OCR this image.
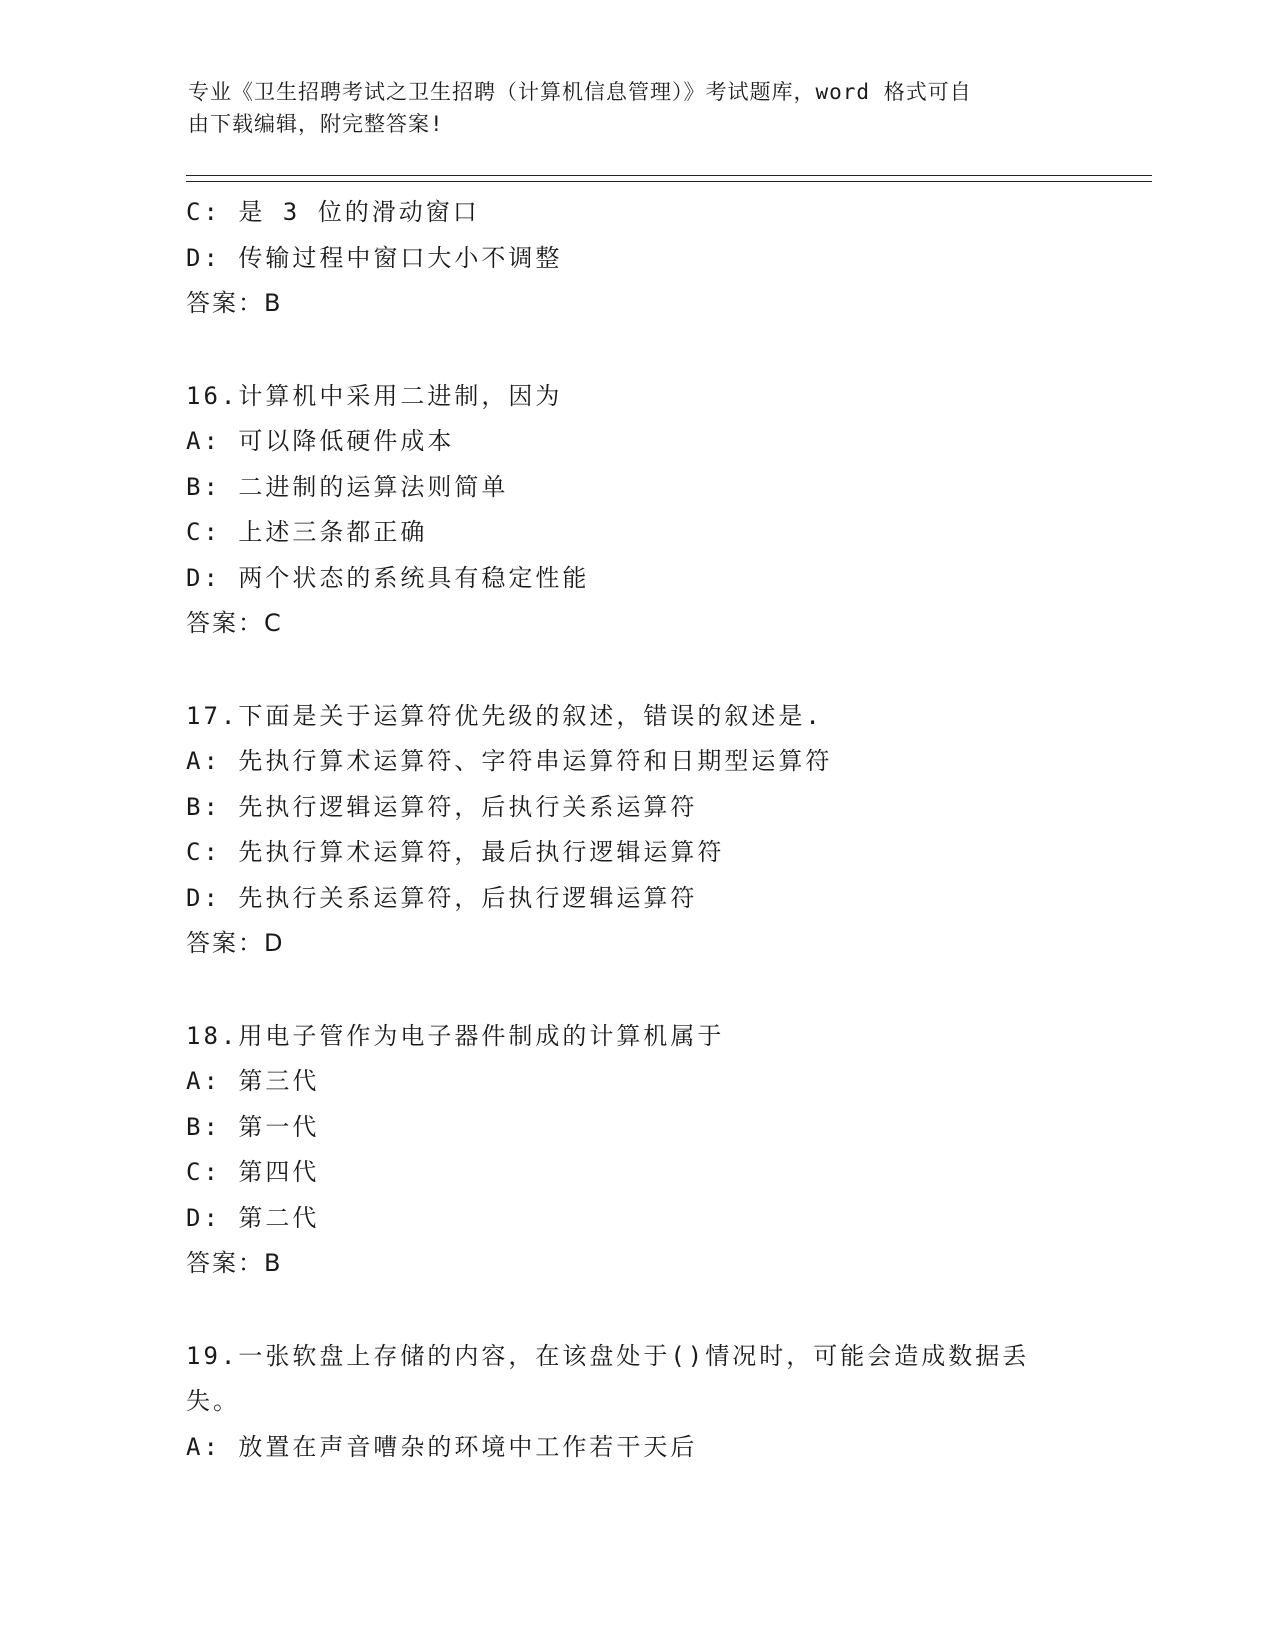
专业《卫生招聘考试之卫生招聘（计算机信息管理）》考试题库，word 格式可自
由下载编辑，附完整答案!
C: 是 3 位的滑动窗口
D: 传输过程中窗口大小不调整
答案：B
16.计算机中采用二进制，因为
A: 可以降低硬件成本
B: 二进制的运算法则简单
C: 上述三条都正确
D: 两个状态的系统具有稳定性能
答案：C
17.下面是关于运算符优先级的叙述，错误的叙述是.
A: 先执行算术运算符、字符串运算符和日期型运算符
B: 先执行逻辑运算符，后执行关系运算符
C: 先执行算术运算符，最后执行逻辑运算符
D: 先执行关系运算符，后执行逻辑运算符
答案：D
18.用电子管作为电子器件制成的计算机属于
A: 第三代
B: 第一代
C: 第四代
D: 第二代
答案：B
19.一张软盘上存储的内容，在该盘处于()情况时，可能会造成数据丢
失。
A: 放置在声音嘈杂的环境中工作若干天后
